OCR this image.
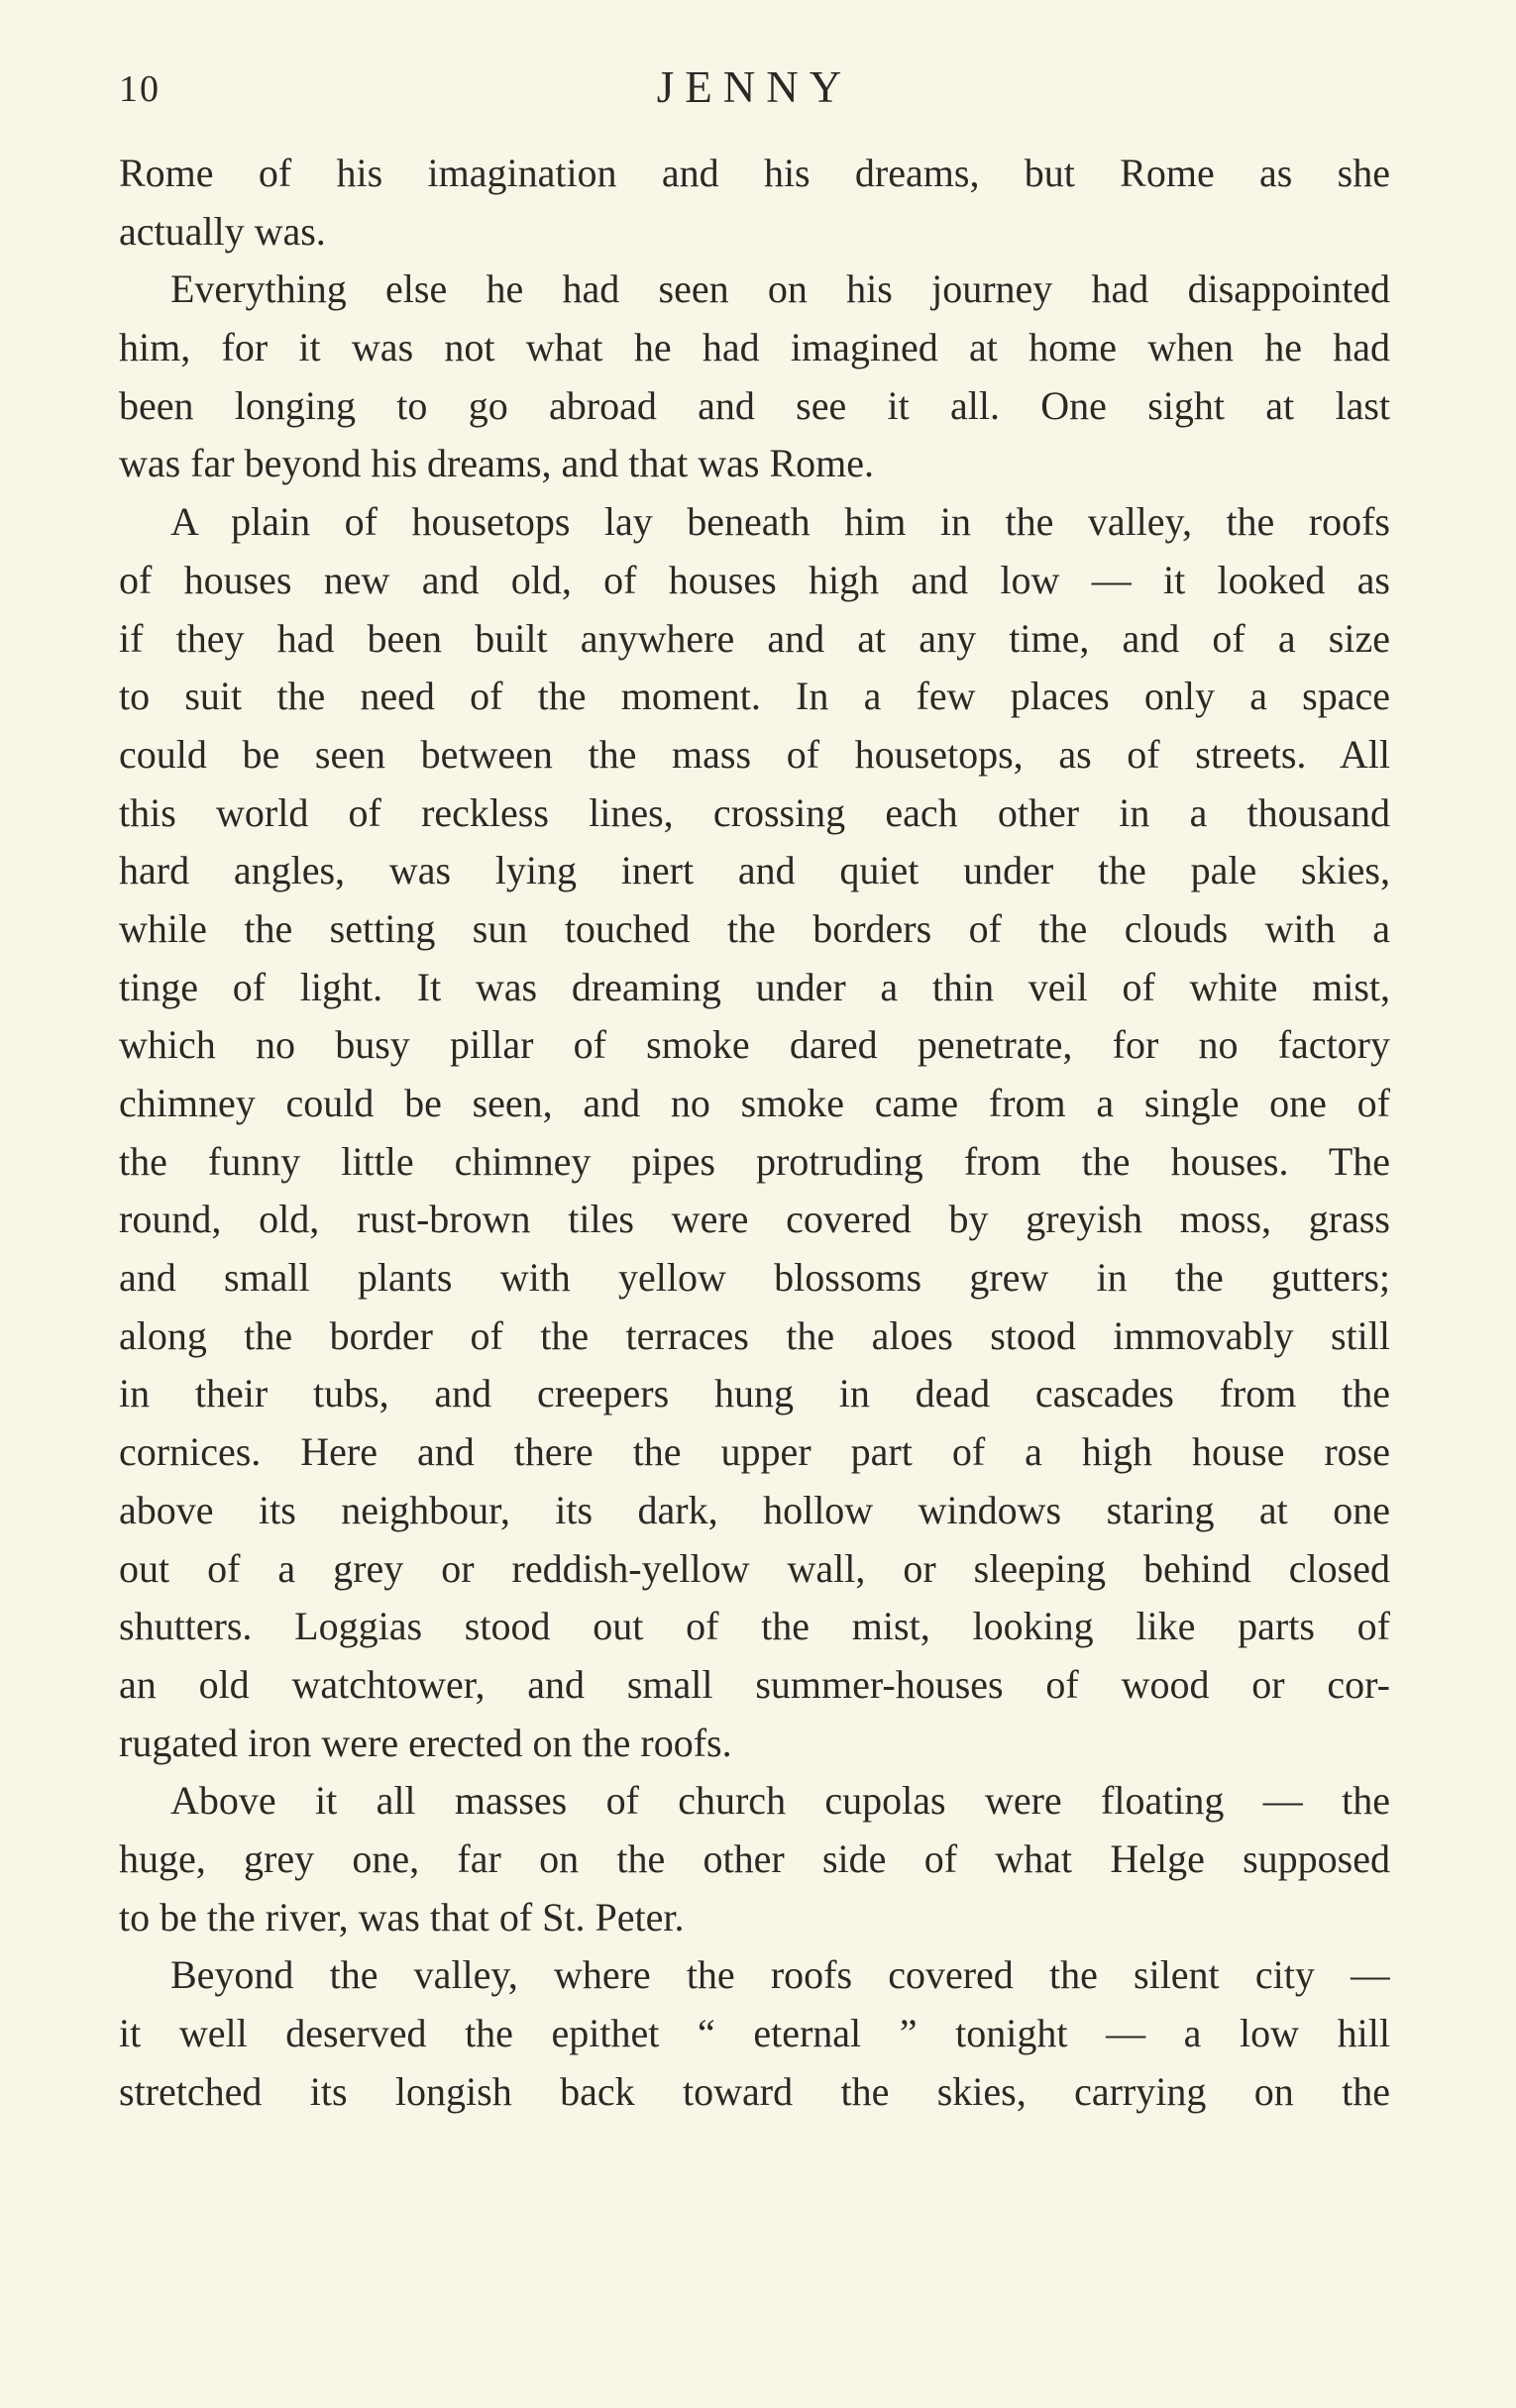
10	JENNY
Rome of his imagination and his dreams, but Rome as she
actually was.
Everything else he had seen on his journey had disappointed
him, for it was not what he had imagined at home when he had
been longing to go abroad and see it all. One sight at last
was far beyond his dreams, and that was Rome.
A plain of housetops lay beneath him in the valley, the roofs
of houses new and old, of houses high and low — it looked as
if they had been built anywhere and at any time, and of a size
to suit the need of the moment. In a few places only a space
could be seen between the mass of housetops, as of streets. All
this world of reckless lines, crossing each other in a thousand
hard angles, was lying inert and quiet under the pale skies,
while the setting sun touched the borders of the clouds with a
tinge of light. It was dreaming under a thin veil of white mist,
which no busy pillar of smoke dared penetrate, for no factory
chimney could be seen, and no smoke came from a single one of
the funny little chimney pipes protruding from the houses. The
round, old, rust-brown tiles were covered by greyish moss, grass
and small plants with yellow blossoms grew in the gutters;
along the border of the terraces the aloes stood immovably still
in their tubs, and creepers hung in dead cascades from the
cornices. Here and there the upper part of a high house rose
above its neighbour, its dark, hollow windows staring at one
out of a grey or reddish-yellow wall, or sleeping behind closed
shutters. Loggias stood out of the mist, looking like parts of
an old watchtower, and small summer-houses of wood or cor-
rugated iron were erected on the roofs.
Above it all masses of church cupolas were floating — the
huge, grey one, far on the other side of what Helge supposed
to be the river, was that of St. Peter.
Beyond the valley, where the roofs covered the silent city —
it well deserved the epithet “ eternal ” tonight — a low hill
stretched its longish back toward the skies, carrying on the
